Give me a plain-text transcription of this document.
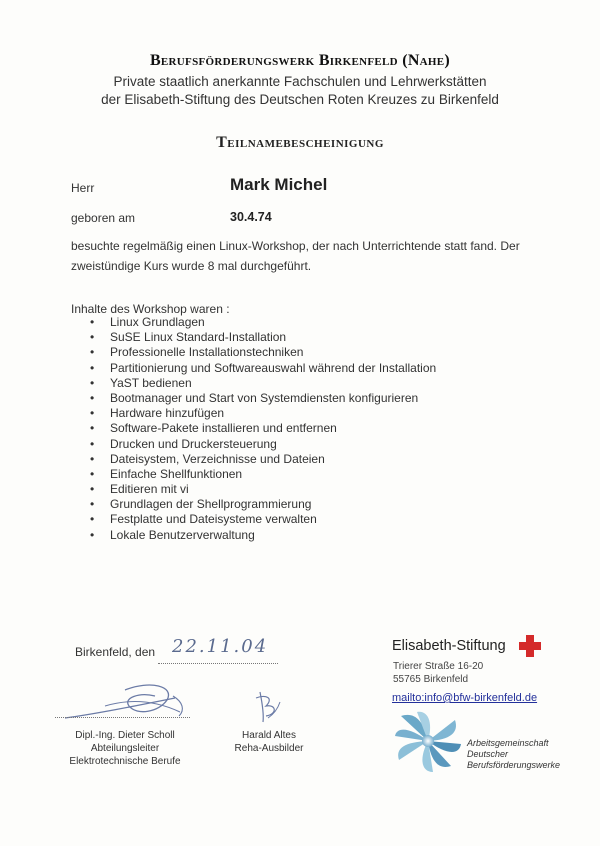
Berufsförderungswerk Birkenfeld (Nahe)
Private staatlich anerkannte Fachschulen und Lehrwerkstätten
der Elisabeth-Stiftung des Deutschen Roten Kreuzes zu Birkenfeld
Teilnamebescheinigung
Herr	Mark Michel
geboren am	30.4.74
besuchte regelmäßig einen Linux-Workshop, der nach Unterrichtende statt fand. Der zweistündige Kurs wurde 8 mal durchgeführt.
Inhalte des Workshop waren :
• Linux Grundlagen
• SuSE Linux Standard-Installation
• Professionelle Installationstechniken
• Partitionierung und Softwareauswahl während der Installation
• YaST bedienen
• Bootmanager und Start von Systemdiensten konfigurieren
• Hardware hinzufügen
• Software-Pakete installieren und entfernen
• Drucken und Druckersteuerung
• Dateisystem, Verzeichnisse und Dateien
• Einfache Shellfunktionen
• Editieren mit vi
• Grundlagen der Shellprogrammierung
• Festplatte und Dateisysteme verwalten
• Lokale Benutzerverwaltung
Birkenfeld, den 22.11.04
Dipl.-Ing. Dieter Scholl
Abteilungsleiter
Elektrotechnische Berufe
Harald Altes
Reha-Ausbilder
Elisabeth-Stiftung
Trierer Straße 16-20
55765 Birkenfeld
mailto:info@bfw-birkenfeld.de
Arbeitsgemeinschaft
Deutscher
Berufsförderungswerke
